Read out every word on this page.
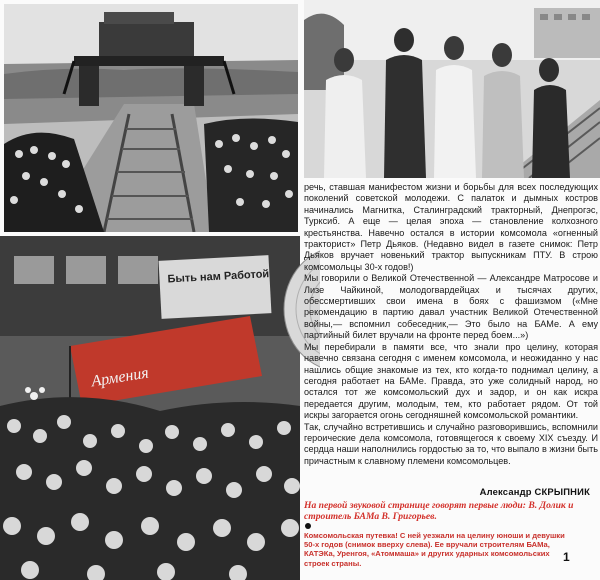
Быть нам Работой
Армения

речь, ставшая манифестом жизни и борьбы для всех последующих поколений советской молодежи. С палаток и дымных костров начинались Магнитка, Сталинградский тракторный, Днепрогэс, Турксиб. А еще — целая эпоха — становление колхозного крестьянства. Навечно остался в истории комсомола «огненный тракторист» Петр Дьяков. (Недавно видел в газете снимок: Петр Дьяков вручает новенький трактор выпускникам ПТУ. В строю комсомольцы 30-х годов!)

Мы говорили о Великой Отечественной — Александре Матросове и Лизе Чайкиной, молодогвардейцах и тысячах других, обессмертивших свои имена в боях с фашизмом («Мне рекомендацию в партию давал участник Великой Отечественной войны,— вспомнил собеседник,— Это было на БАМе. А ему партийный билет вручали на фронте перед боем...»)

Мы перебирали в памяти все, что знали про целину, которая навечно связана сегодня с именем комсомола, и неожиданно у нас нашлись общие знакомые из тех, кто когда-то поднимал целину, а сегодня работает на БАМе. Правда, это уже солидный народ, но остался тот же комсомольский дух и задор, и он как искра передается другим, молодым, тем, кто работает рядом. От той искры загорается огонь сегодняшней комсомольской романтики.

Так, случайно встретившись и случайно разговорившись, вспомнили героические дела комсомола, готовящегося к своему XIX съезду. И сердца наши наполнились гордостью за то, что выпало в жизни быть причастным к славному племени комсомольцев.

Александр СКРЫПНИК
На первой звуковой странице говорят первые люди: В. Долик и строитель БАМа В. Григорьев.
Комсомольская путевка! С ней уезжали на целину юноши и девушки 50-х годов (снимок вверху слева). Ее вручали строителям БАМа, КАТЭКа, Уренгоя, «Атоммаша» и других ударных комсомольских строек страны.	1
